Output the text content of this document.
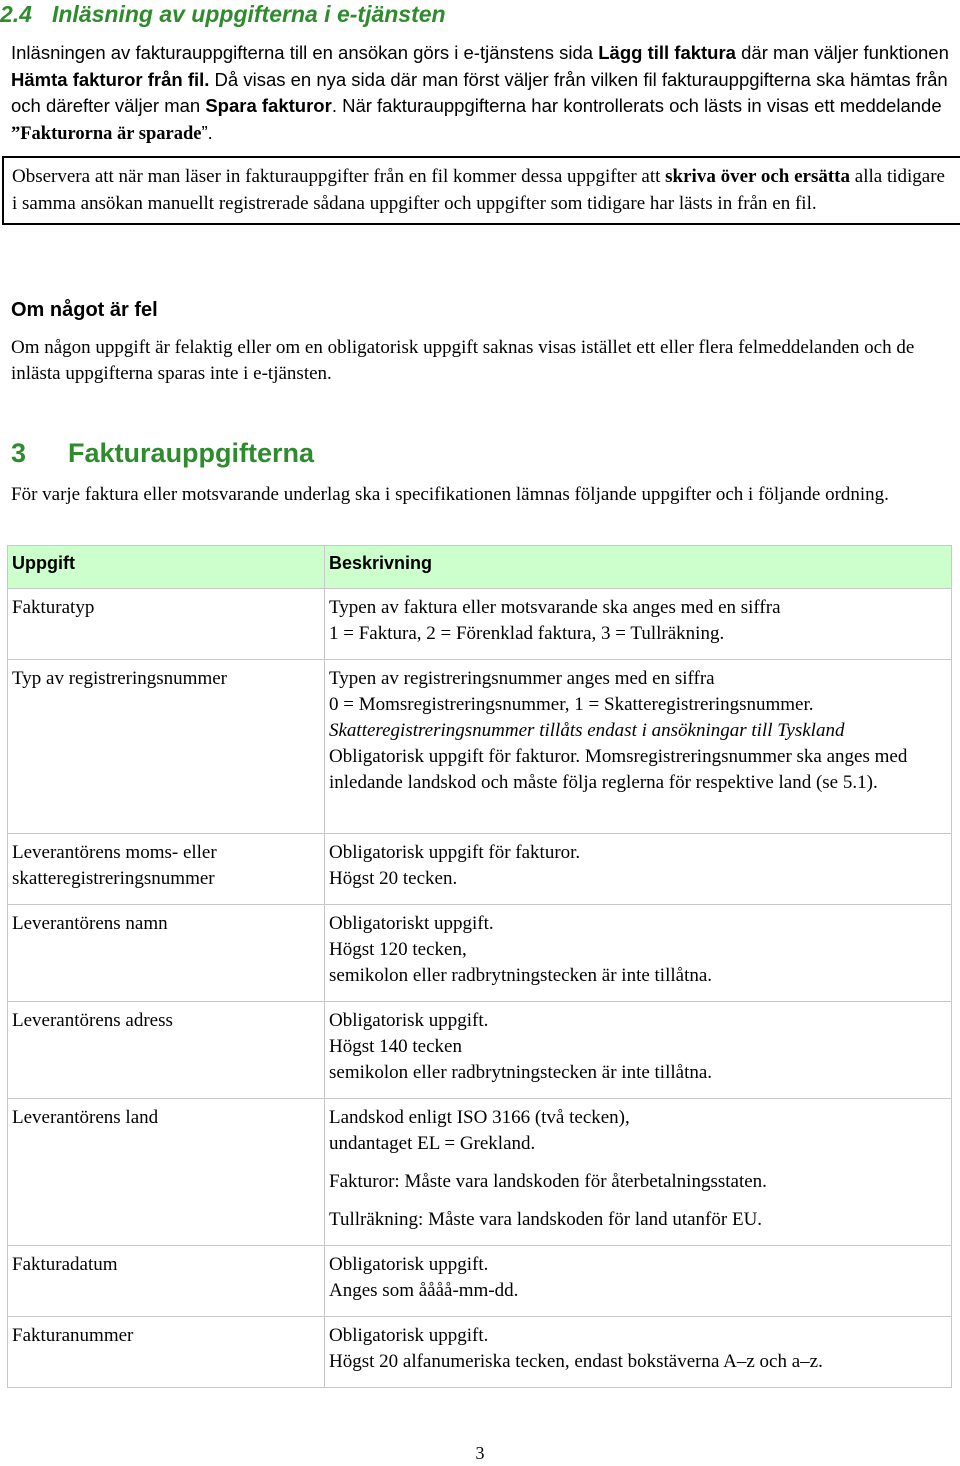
2.4 Inläsning av uppgifterna i e-tjänsten

Inläsningen av fakturauppgifterna till en ansökan görs i e-tjänstens sida Lägg till faktura där man väljer funktionen Hämta fakturor från fil. Då visas en nya sida där man först väljer från vilken fil fakturauppgifterna ska hämtas från och därefter väljer man Spara fakturor. När fakturauppgifterna har kontrollerats och lästs in visas ett meddelande ”Fakturorna är sparade”.

Observera att när man läser in fakturauppgifter från en fil kommer dessa uppgifter att skriva över och ersätta alla tidigare i samma ansökan manuellt registrerade sådana uppgifter och uppgifter som tidigare har lästs in från en fil.
Om något är fel

Om någon uppgift är felaktig eller om en obligatorisk uppgift saknas visas istället ett eller flera felmeddelanden och de inlästa uppgifterna sparas inte i e-tjänsten.

3 Fakturauppgifterna

För varje faktura eller motsvarande underlag ska i specifikationen lämnas följande uppgifter och i följande ordning.

Uppgift	Beskrivning
Fakturatyp	Typen av faktura eller motsvarande ska anges med en siffra
1 = Faktura, 2 = Förenklad faktura, 3 = Tullräkning.

Typ av registreringsnummer	Typen av registreringsnummer anges med en siffra
0 = Momsregistreringsnummer, 1 = Skatteregistreringsnummer.
Skatteregistreringsnummer tillåts endast i ansökningar till Tyskland
Obligatorisk uppgift för fakturor. Momsregistreringsnummer ska anges med inledande landskod och måste följa reglerna för respektive land (se 5.1).

Leverantörens moms- eller skatteregistreringsnummer	Obligatorisk uppgift för fakturor.
Högst 20 tecken.

Leverantörens namn	Obligatoriskt uppgift.
Högst 120 tecken,
semikolon eller radbrytningstecken är inte tillåtna.

Leverantörens adress	Obligatorisk uppgift.
Högst 140 tecken
semikolon eller radbrytningstecken är inte tillåtna.

Leverantörens land	Landskod enligt ISO 3166 (två tecken),
undantaget EL = Grekland.
Fakturor: Måste vara landskoden för återbetalningsstaten.
Tullräkning: Måste vara landskoden för land utanför EU.

Fakturadatum	Obligatorisk uppgift.
Anges som åååå-mm-dd.

Fakturanummer	Obligatorisk uppgift.
Högst 20 alfanumeriska tecken, endast bokstäverna A–z och a–z.
3
